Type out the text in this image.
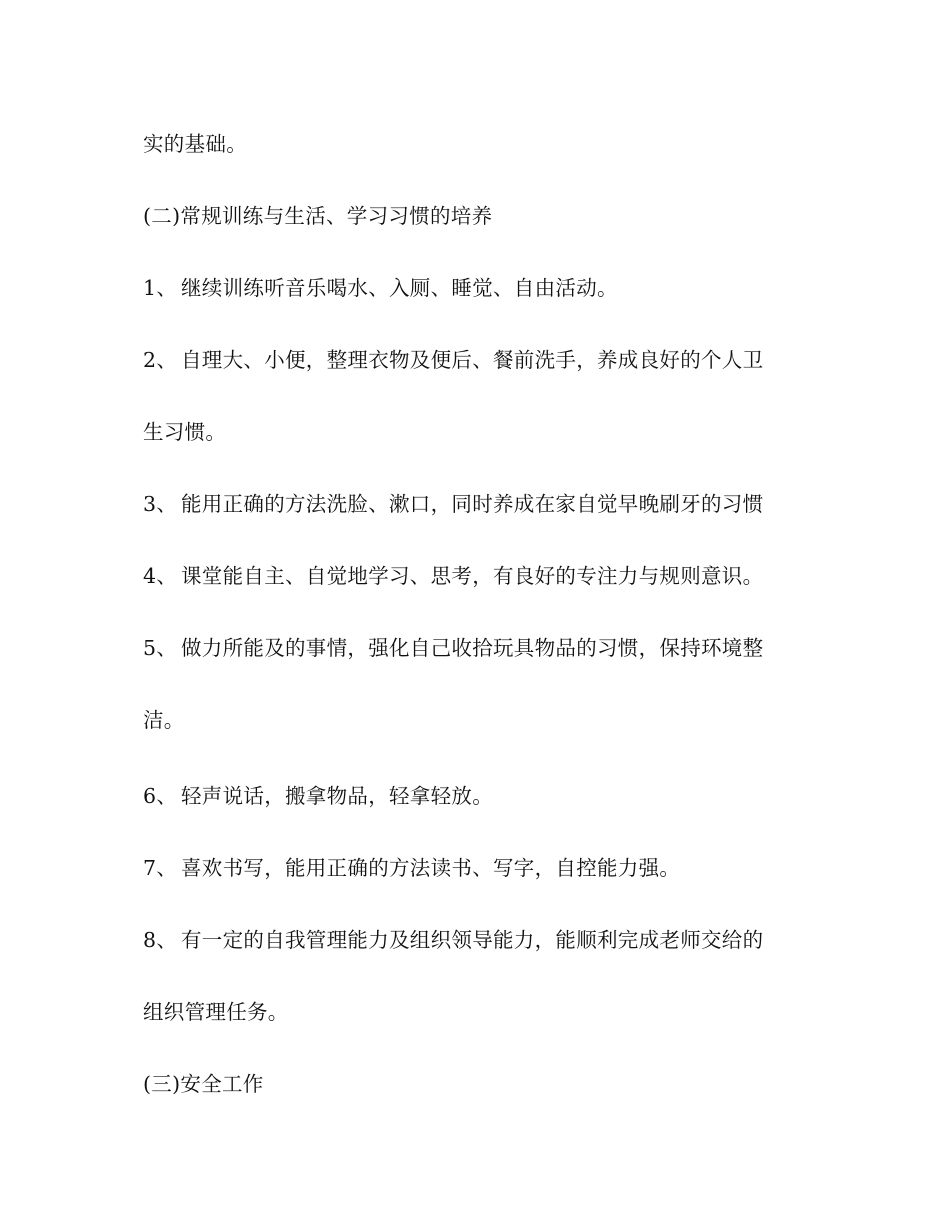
实的基础。
(二)常规训练与生活、学习习惯的培养
1、 继续训练听音乐喝水、入厕、睡觉、自由活动。
2、 自理大、小便，整理衣物及便后、餐前洗手，养成良好的个人卫
生习惯。
3、 能用正确的方法洗脸、漱口，同时养成在家自觉早晚刷牙的习惯
4、 课堂能自主、自觉地学习、思考，有良好的专注力与规则意识。
5、 做力所能及的事情，强化自己收拾玩具物品的习惯，保持环境整
洁。
6、 轻声说话，搬拿物品，轻拿轻放。
7、 喜欢书写，能用正确的方法读书、写字，自控能力强。
8、 有一定的自我管理能力及组织领导能力，能顺利完成老师交给的
组织管理任务。
(三)安全工作
